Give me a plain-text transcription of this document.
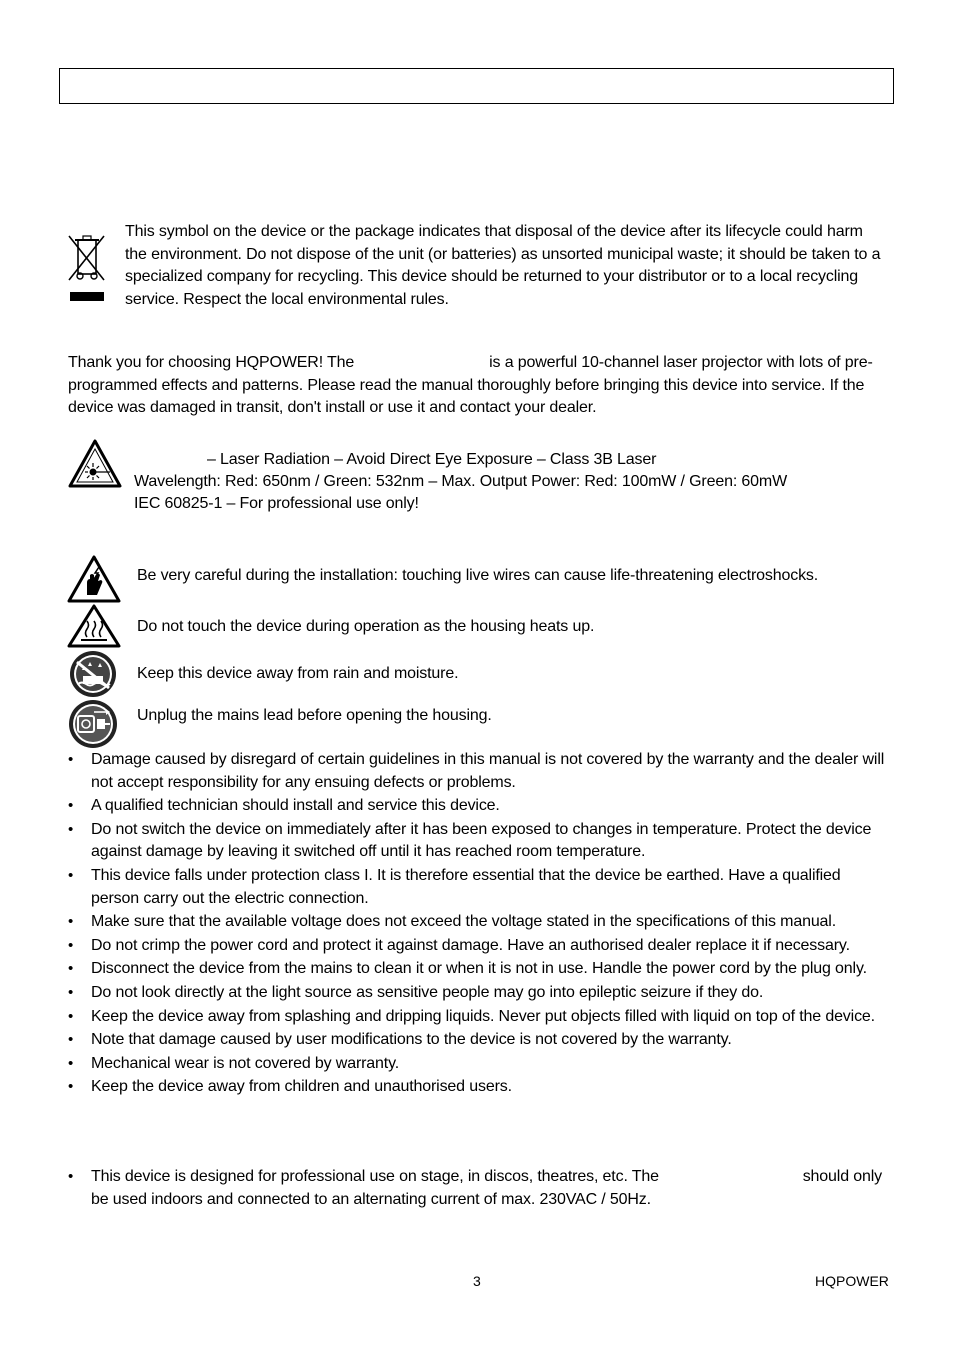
This symbol on the device or the package indicates that disposal of the device after its lifecycle could harm the environment. Do not dispose of the unit (or batteries) as unsorted municipal waste; it should be taken to a specialized company for recycling. This device should be returned to your distributor or to a local recycling service. Respect the local environmental rules.
Thank you for choosing HQPOWER! The	is a powerful 10-channel laser projector with lots of pre-programmed effects and patterns. Please read the manual thoroughly before bringing this device into service. If the device was damaged in transit, don't install or use it and contact your dealer.
– Laser Radiation – Avoid Direct Eye Exposure – Class 3B Laser
Wavelength: Red: 650nm / Green: 532nm – Max. Output Power: Red: 100mW / Green: 60mW
IEC 60825-1 – For professional use only!
Be very careful during the installation: touching live wires can cause life-threatening electroshocks.
Do not touch the device during operation as the housing heats up.
Keep this device away from rain and moisture.
Unplug the mains lead before opening the housing.
• Damage caused by disregard of certain guidelines in this manual is not covered by the warranty and the dealer will not accept responsibility for any ensuing defects or problems.
• A qualified technician should install and service this device.
• Do not switch the device on immediately after it has been exposed to changes in temperature. Protect the device against damage by leaving it switched off until it has reached room temperature.
• This device falls under protection class I. It is therefore essential that the device be earthed. Have a qualified person carry out the electric connection.
• Make sure that the available voltage does not exceed the voltage stated in the specifications of this manual.
• Do not crimp the power cord and protect it against damage. Have an authorised dealer replace it if necessary.
• Disconnect the device from the mains to clean it or when it is not in use. Handle the power cord by the plug only.
• Do not look directly at the light source as sensitive people may go into epileptic seizure if they do.
• Keep the device away from splashing and dripping liquids. Never put objects filled with liquid on top of the device.
• Note that damage caused by user modifications to the device is not covered by the warranty.
• Mechanical wear is not covered by warranty.
• Keep the device away from children and unauthorised users.
• This device is designed for professional use on stage, in discos, theatres, etc. The	should only

be used indoors and connected to an alternating current of max. 230VAC / 50Hz.
3	HQPOWER
